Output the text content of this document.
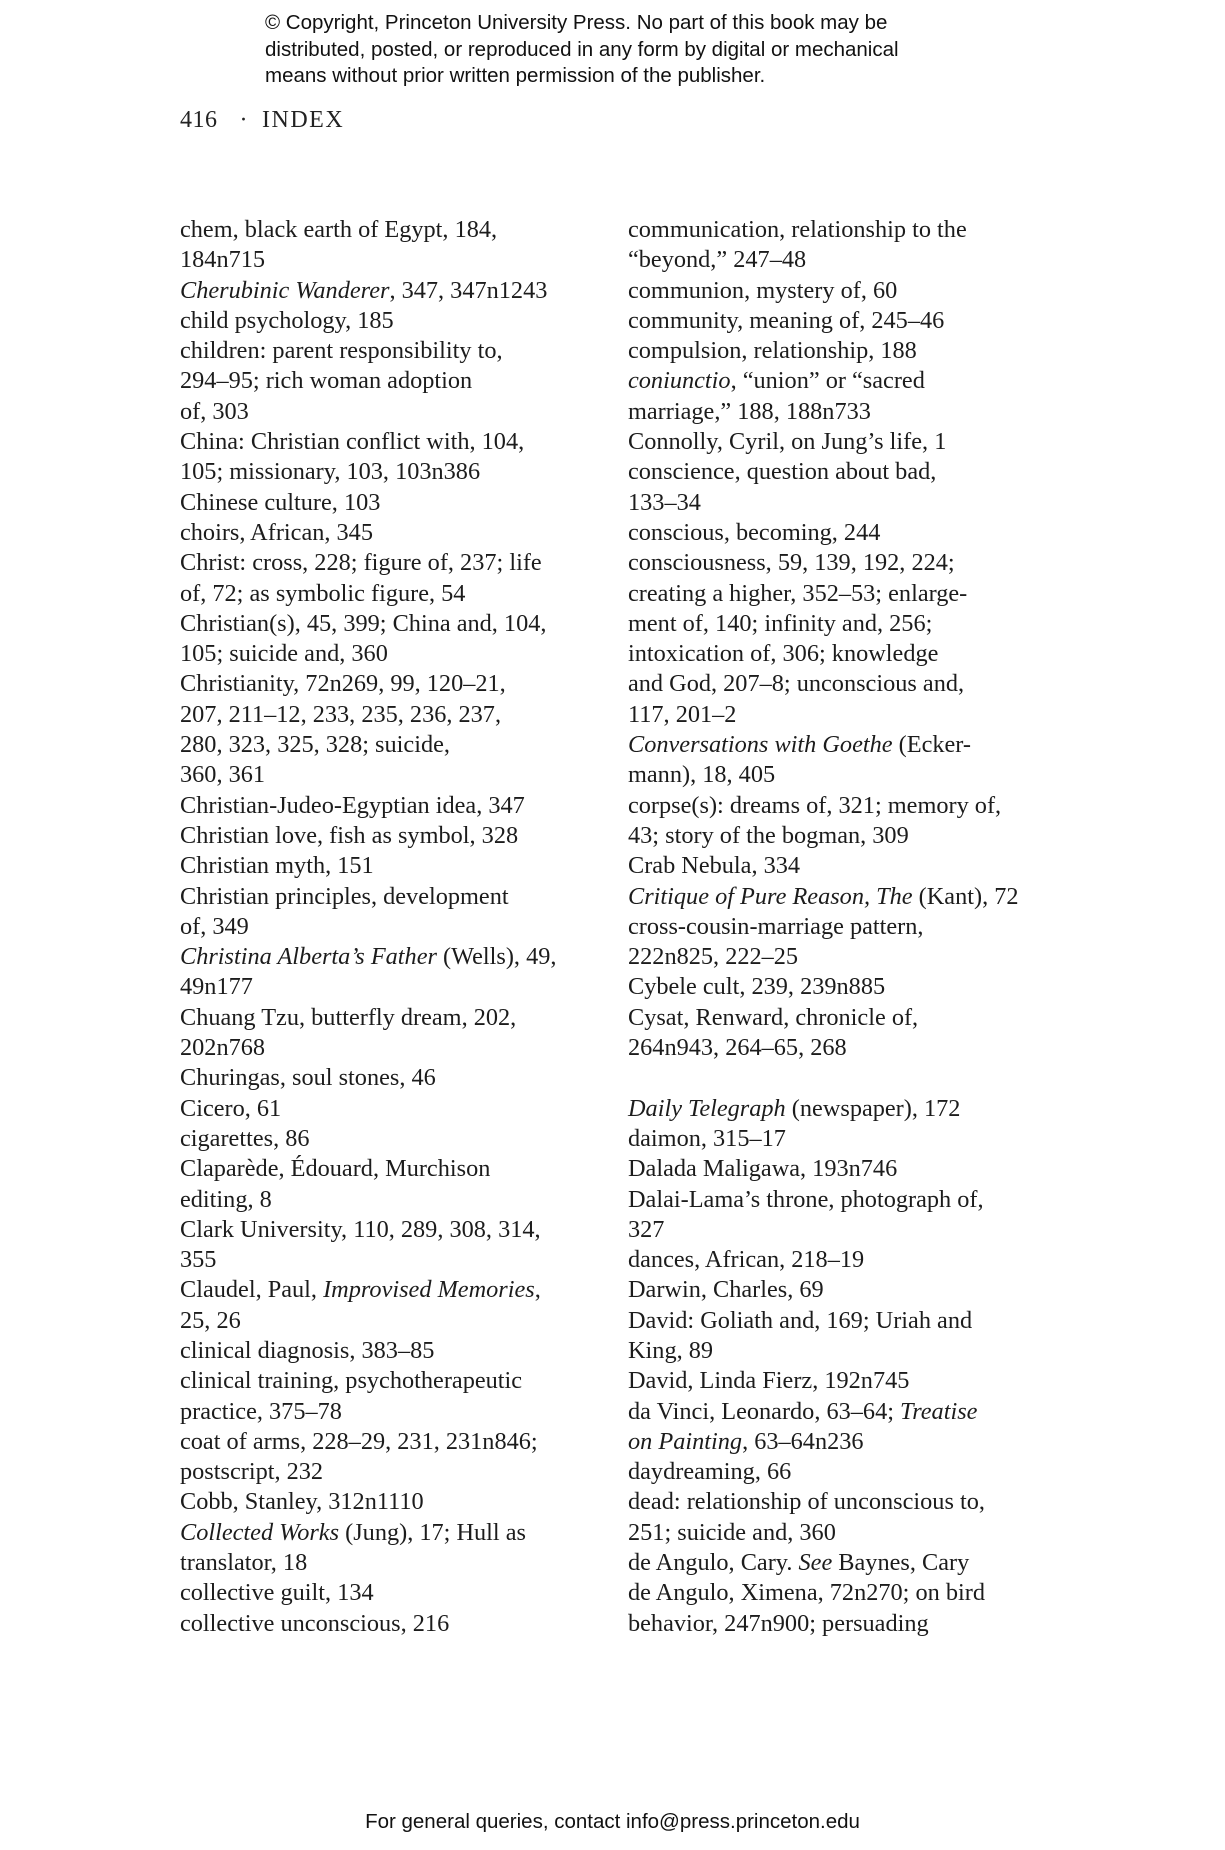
© Copyright, Princeton University Press. No part of this book may be
distributed, posted, or reproduced in any form by digital or mechanical
means without prior written permission of the publisher.
416 · INDEX
chem, black earth of Egypt, 184,
184n715
Cherubinic Wanderer, 347, 347n1243
child psychology, 185
children: parent responsibility to,
294–95; rich woman adoption
of, 303
China: Christian conflict with, 104,
105; missionary, 103, 103n386
Chinese culture, 103
choirs, African, 345
Christ: cross, 228; figure of, 237; life
of, 72; as symbolic figure, 54
Christian(s), 45, 399; China and, 104,
105; suicide and, 360
Christianity, 72n269, 99, 120–21,
207, 211–12, 233, 235, 236, 237,
280, 323, 325, 328; suicide,
360, 361
Christian-Judeo-Egyptian idea, 347
Christian love, fish as symbol, 328
Christian myth, 151
Christian principles, development
of, 349
Christina Alberta’s Father (Wells), 49,
49n177
Chuang Tzu, butterfly dream, 202,
202n768
Churingas, soul stones, 46
Cicero, 61
cigarettes, 86
Claparède, Édouard, Murchison
editing, 8
Clark University, 110, 289, 308, 314,
355
Claudel, Paul, Improvised Memories,
25, 26
clinical diagnosis, 383–85
clinical training, psychotherapeutic
practice, 375–78
coat of arms, 228–29, 231, 231n846;
postscript, 232
Cobb, Stanley, 312n1110
Collected Works (Jung), 17; Hull as
translator, 18
collective guilt, 134
collective unconscious, 216
communication, relationship to the
“beyond,” 247–48
communion, mystery of, 60
community, meaning of, 245–46
compulsion, relationship, 188
coniunctio, “union” or “sacred
marriage,” 188, 188n733
Connolly, Cyril, on Jung’s life, 1
conscience, question about bad,
133–34
conscious, becoming, 244
consciousness, 59, 139, 192, 224;
creating a higher, 352–53; enlarge-
ment of, 140; infinity and, 256;
intoxication of, 306; knowledge
and God, 207–8; unconscious and,
117, 201–2
Conversations with Goethe (Ecker-
mann), 18, 405
corpse(s): dreams of, 321; memory of,
43; story of the bogman, 309
Crab Nebula, 334
Critique of Pure Reason, The (Kant), 72
cross-cousin-marriage pattern,
222n825, 222–25
Cybele cult, 239, 239n885
Cysat, Renward, chronicle of,
264n943, 264–65, 268
Daily Telegraph (newspaper), 172
daimon, 315–17
Dalada Maligawa, 193n746
Dalai-Lama’s throne, photograph of,
327
dances, African, 218–19
Darwin, Charles, 69
David: Goliath and, 169; Uriah and
King, 89
David, Linda Fierz, 192n745
da Vinci, Leonardo, 63–64; Treatise
on Painting, 63–64n236
daydreaming, 66
dead: relationship of unconscious to,
251; suicide and, 360
de Angulo, Cary. See Baynes, Cary
de Angulo, Ximena, 72n270; on bird
behavior, 247n900; persuading
For general queries, contact info@press.princeton.edu
